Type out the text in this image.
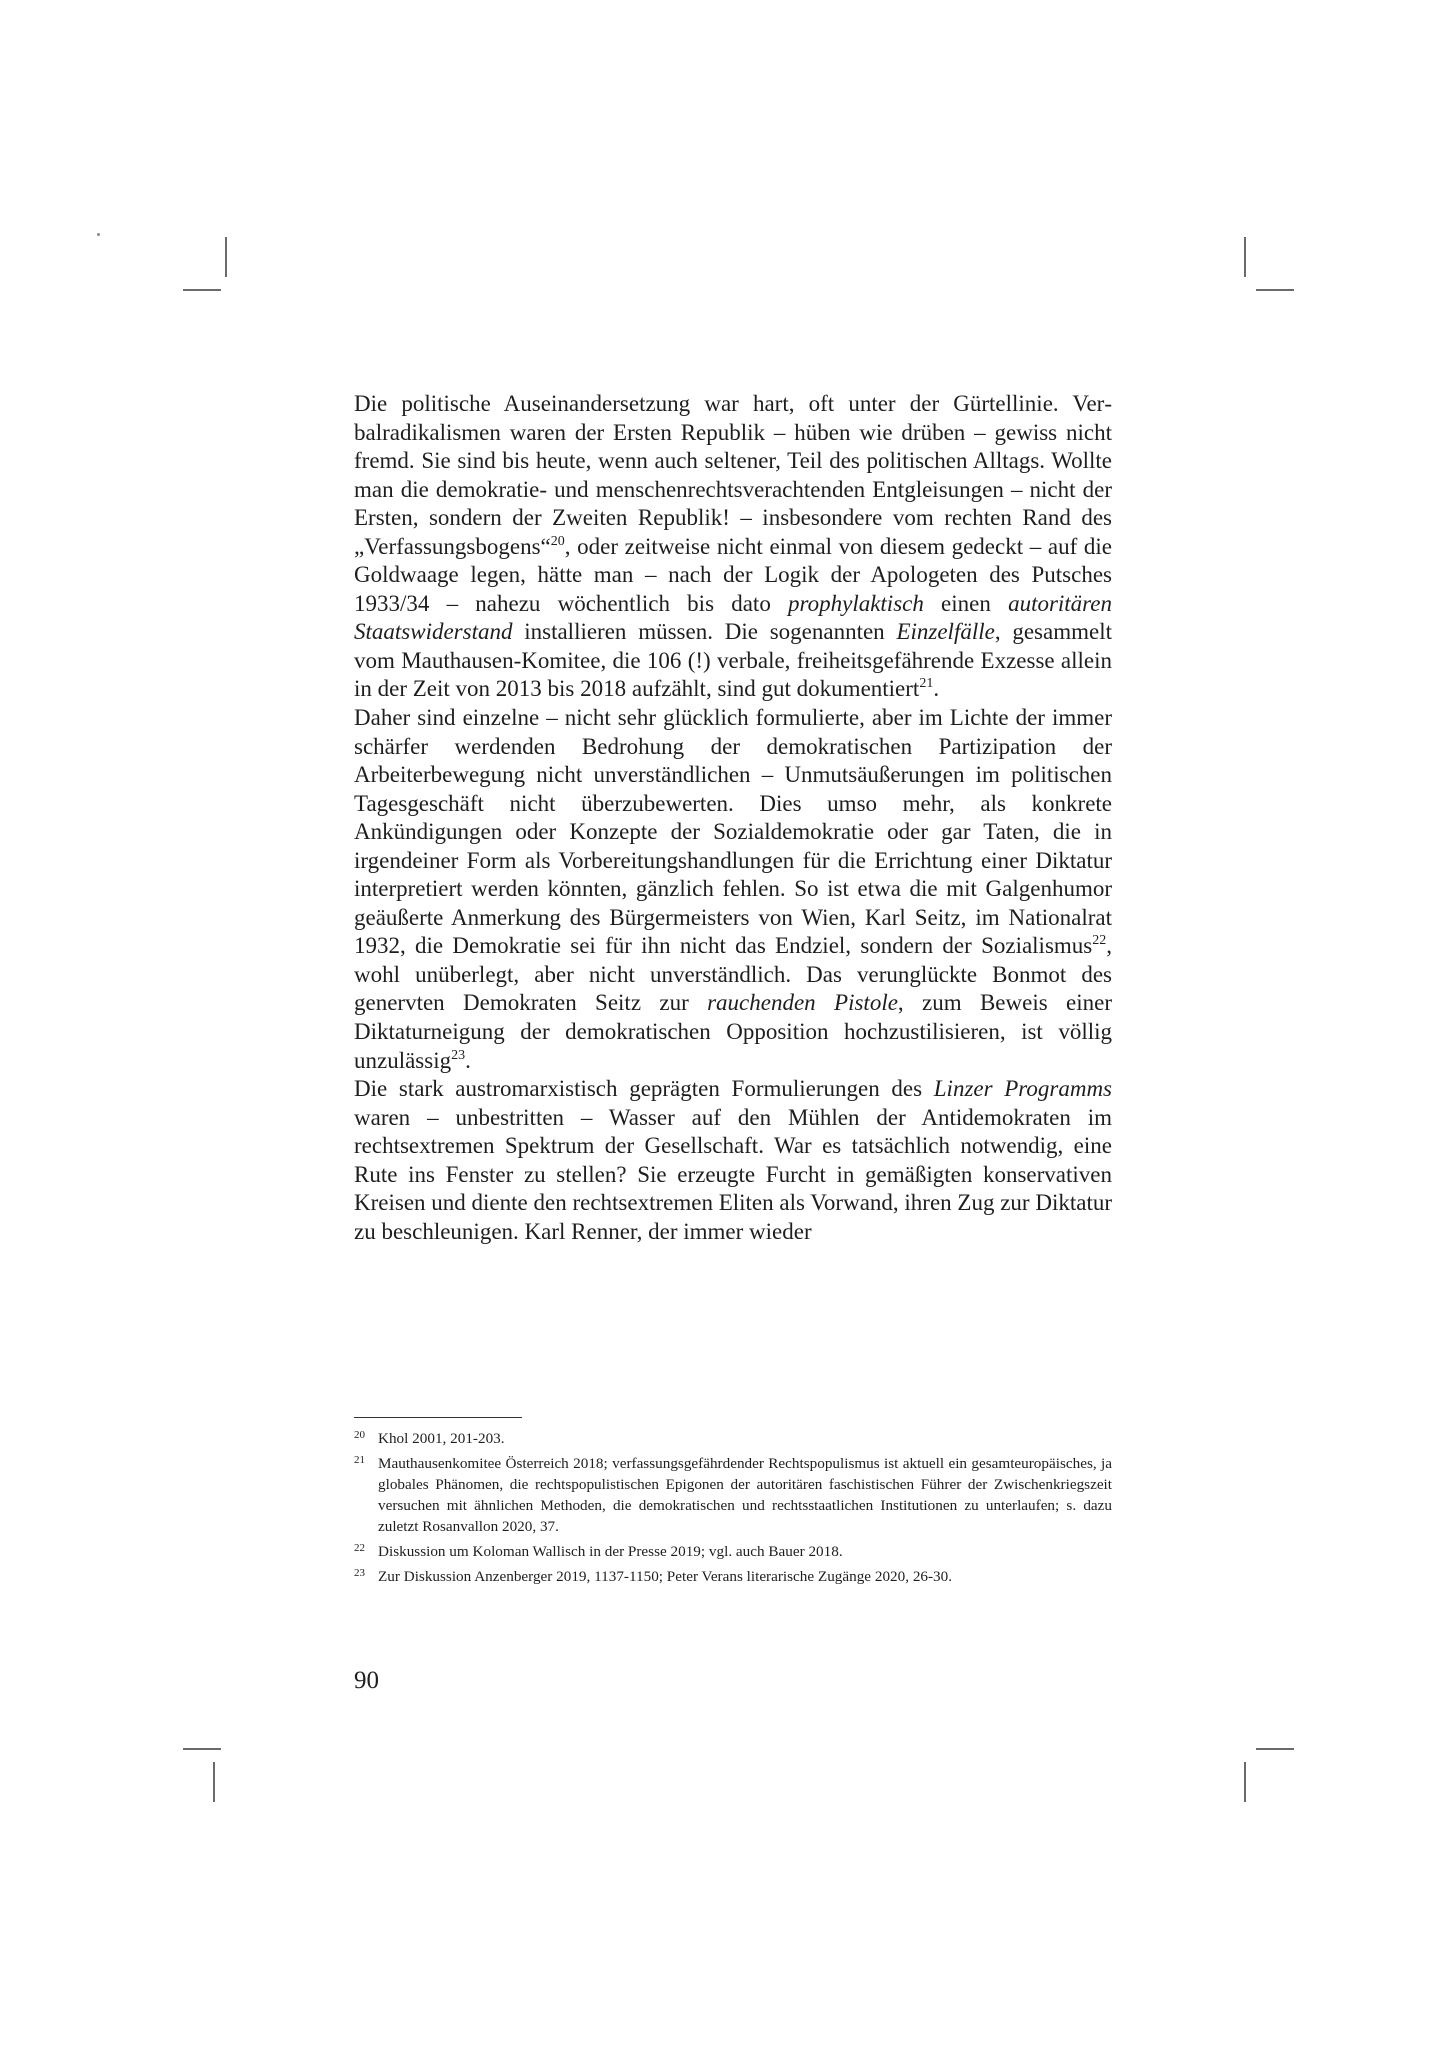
Die politische Auseinandersetzung war hart, oft unter der Gürtellinie. Verbalradikalismen waren der Ersten Republik – hüben wie drüben – gewiss nicht fremd. Sie sind bis heute, wenn auch seltener, Teil des politischen Alltags. Wollte man die demokratie- und menschenrechtsverachtenden Entgleisungen – nicht der Ersten, sondern der Zweiten Republik! – insbesondere vom rechten Rand des „Verfassungsbogens“$^{20}$, oder zeitweise nicht einmal von diesem gedeckt – auf die Goldwaage legen, hätte man – nach der Logik der Apologeten des Putsches 1933/34 – nahezu wöchentlich bis dato prophylaktisch einen autoritären Staatswiderstand installieren müssen. Die sogenannten Einzelfälle, gesammelt vom Mauthausen-Komitee, die 106 (!) verbale, freiheitsgefährende Exzesse allein in der Zeit von 2013 bis 2018 aufzählt, sind gut dokumentiert$^{21}$.

Daher sind einzelne – nicht sehr glücklich formulierte, aber im Lichte der immer schärfer werdenden Bedrohung der demokratischen Partizipation der Arbeiterbewegung nicht unverständlichen – Unmutsäußerungen im politischen Tagesgeschäft nicht überzubewerten. Dies umso mehr, als konkrete Ankündigungen oder Konzepte der Sozialdemokratie oder gar Taten, die in irgendeiner Form als Vorbereitungshandlungen für die Errichtung einer Diktatur interpretiert werden könnten, gänzlich fehlen. So ist etwa die mit Galgenhumor geäußerte Anmerkung des Bürgermeisters von Wien, Karl Seitz, im Nationalrat 1932, die Demokratie sei für ihn nicht das Endziel, sondern der Sozialismus$^{22}$, wohl unüberlegt, aber nicht unverständlich. Das verunglückte Bonmot des genervten Demokraten Seitz zur rauchenden Pistole, zum Beweis einer Diktaturneigung der demokratischen Opposition hochzustilisieren, ist völlig unzulässig$^{23}$.

Die stark austromarxistisch geprägten Formulierungen des Linzer Programms waren – unbestritten – Wasser auf den Mühlen der Antidemokraten im rechtsextremen Spektrum der Gesellschaft. War es tatsächlich notwendig, eine Rute ins Fenster zu stellen? Sie erzeugte Furcht in gemäßigten konservativen Kreisen und diente den rechtsextremen Eliten als Vorwand, ihren Zug zur Diktatur zu beschleunigen. Karl Renner, der immer wieder

20 Khol 2001, 201-203.
21 Mauthausenkomitee Österreich 2018; verfassungsgefährdender Rechtspopulismus ist aktuell ein gesamteuropäisches, ja globales Phänomen, die rechtspopulistischen Epigonen der autoritären faschistischen Führer der Zwischenkriegszeit versuchen mit ähnlichen Methoden, die demokratischen und rechtsstaatlichen Institutionen zu unterlaufen; s. dazu zuletzt Rosanvallon 2020, 37.
22 Diskussion um Koloman Wallisch in der Presse 2019; vgl. auch Bauer 2018.
23 Zur Diskussion Anzenberger 2019, 1137-1150; Peter Verans literarische Zugänge 2020, 26-30.
90
